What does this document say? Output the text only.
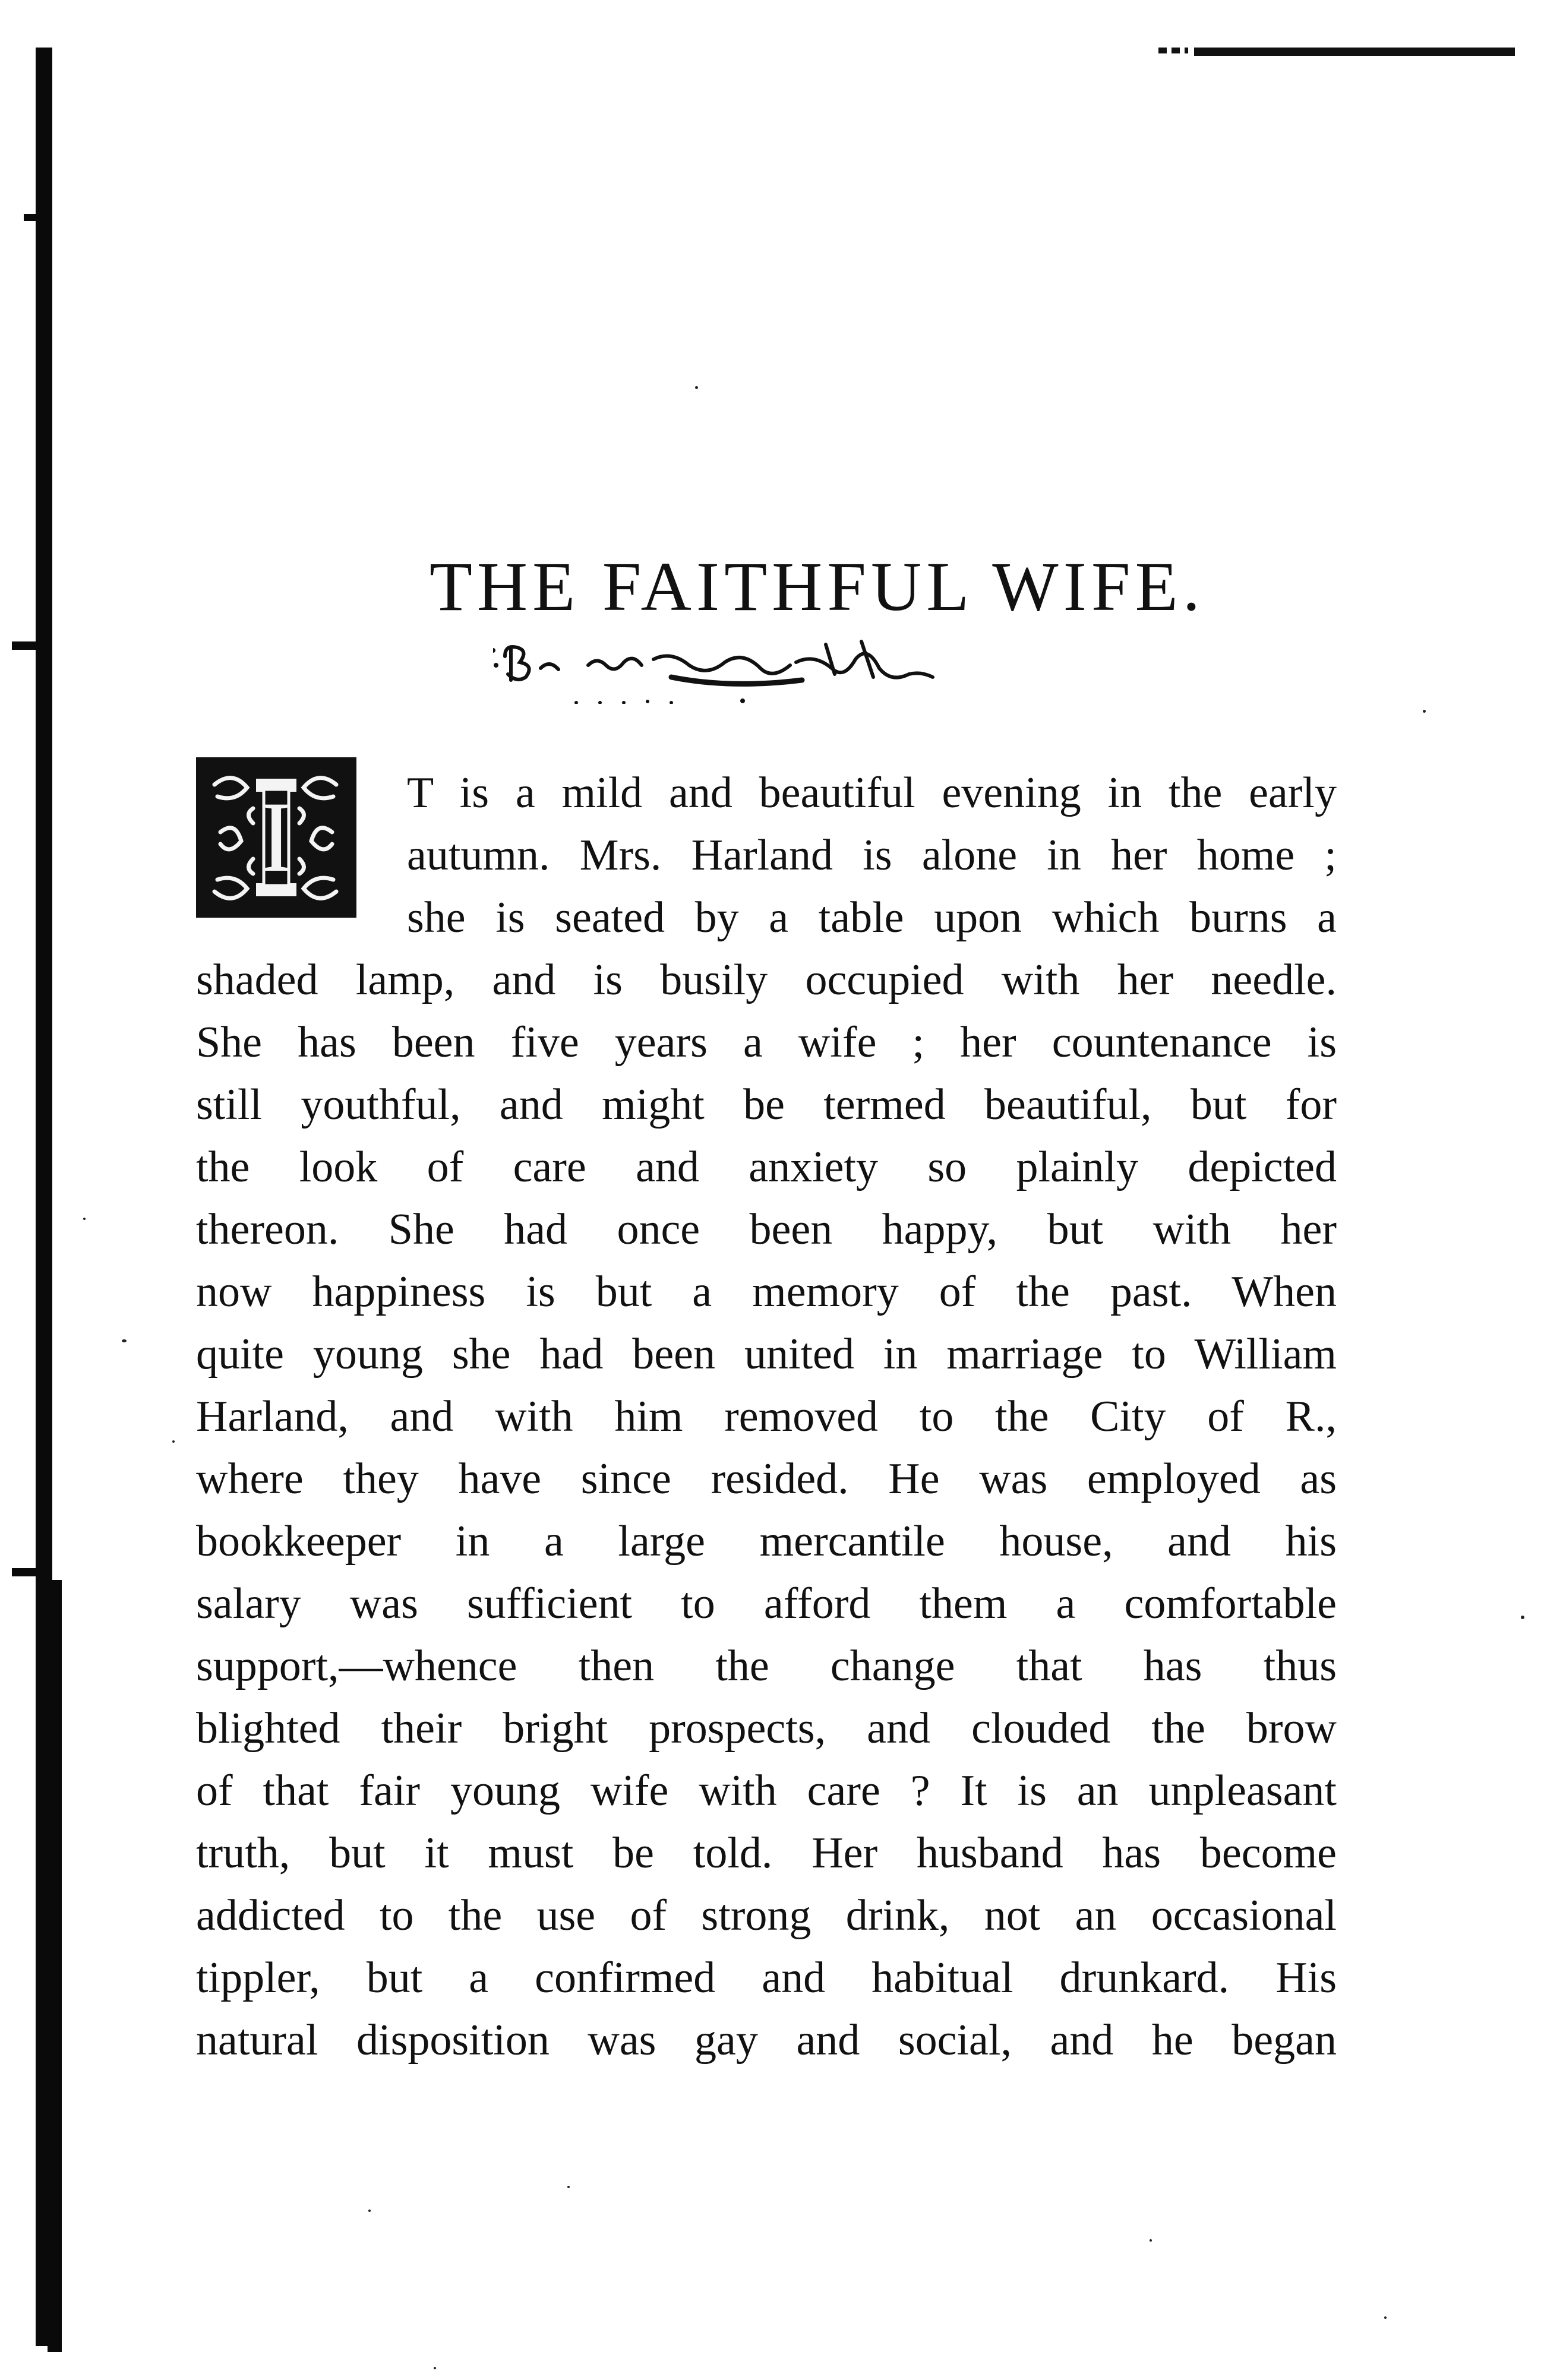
THE FAITHFUL WIFE.
I	T is a mild and beautiful evening in the early
autumn. Mrs. Harland is alone in her home ;
she is seated by a table upon which burns a
shaded lamp, and is busily occupied with her needle.
She has been five years a wife ; her countenance is
still youthful, and might be termed beautiful, but for
the look of care and anxiety so plainly depicted
thereon. She had once been happy, but with her
now happiness is but a memory of the past. When
quite young she had been united in marriage to William
Harland, and with him removed to the City of R.,
where they have since resided. He was employed as
bookkeeper in a large mercantile house, and his
salary was sufficient to afford them a comfortable
support,—whence then the change that has thus
blighted their bright prospects, and clouded the brow
of that fair young wife with care ? It is an unpleasant
truth, but it must be told. Her husband has become
addicted to the use of strong drink, not an occasional
tippler, but a confirmed and habitual drunkard. His
natural disposition was gay and social, and he began
